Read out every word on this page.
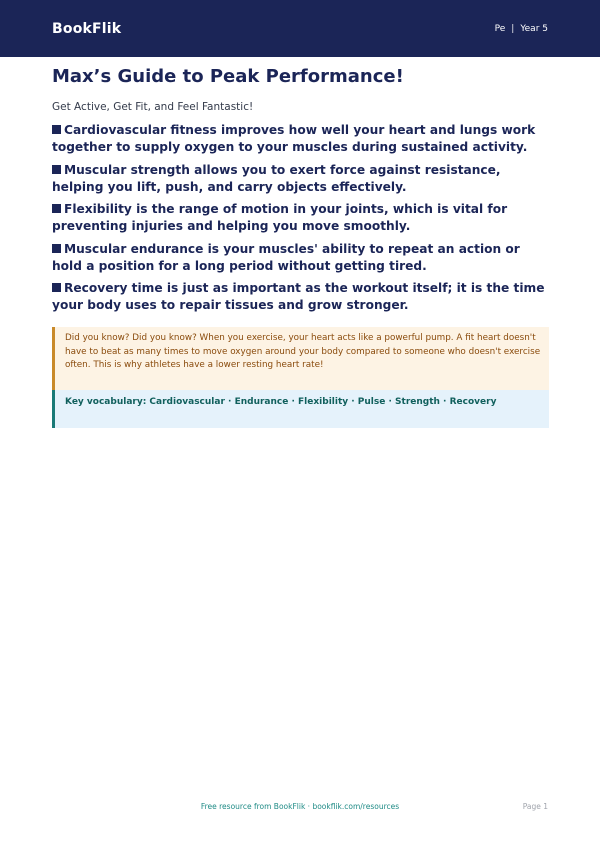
BookFlik	Pe | Year 5
Max’s Guide to Peak Performance!
Get Active, Get Fit, and Feel Fantastic!
Cardiovascular fitness improves how well your heart and lungs work together to supply oxygen to your muscles during sustained activity.
Muscular strength allows you to exert force against resistance, helping you lift, push, and carry objects effectively.
Flexibility is the range of motion in your joints, which is vital for preventing injuries and helping you move smoothly.
Muscular endurance is your muscles' ability to repeat an action or hold a position for a long period without getting tired.
Recovery time is just as important as the workout itself; it is the time your body uses to repair tissues and grow stronger.
Did you know? Did you know? When you exercise, your heart acts like a powerful pump. A fit heart doesn't have to beat as many times to move oxygen around your body compared to someone who doesn't exercise often. This is why athletes have a lower resting heart rate!
Key vocabulary: Cardiovascular · Endurance · Flexibility · Pulse · Strength · Recovery
Free resource from BookFlik · bookflik.com/resources	Page 1
